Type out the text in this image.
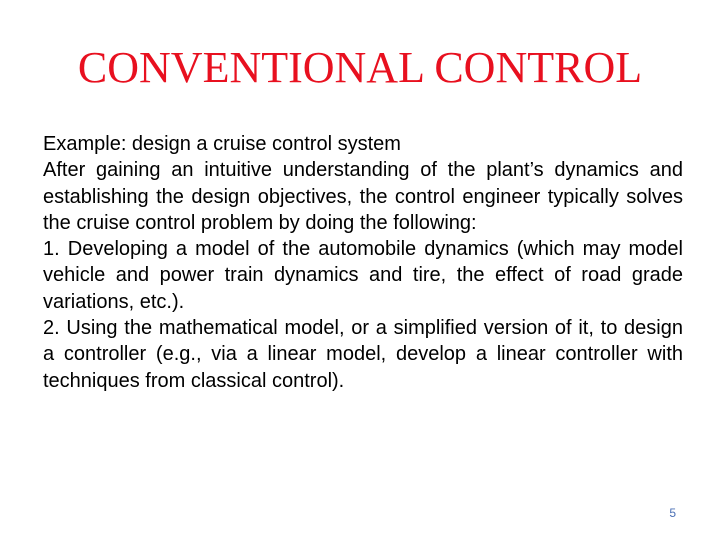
CONVENTIONAL CONTROL

Example: design a cruise control system

After gaining an intuitive understanding of the plant’s dynamics and establishing the design objectives, the control engineer typically solves the cruise control problem by doing the following:

1. Developing a model of the automobile dynamics (which may model vehicle and power train dynamics and tire, the effect of road grade variations, etc.).

2. Using the mathematical model, or a simplified version of it, to design a controller (e.g., via a linear model, develop a linear controller with techniques from classical control).

5
